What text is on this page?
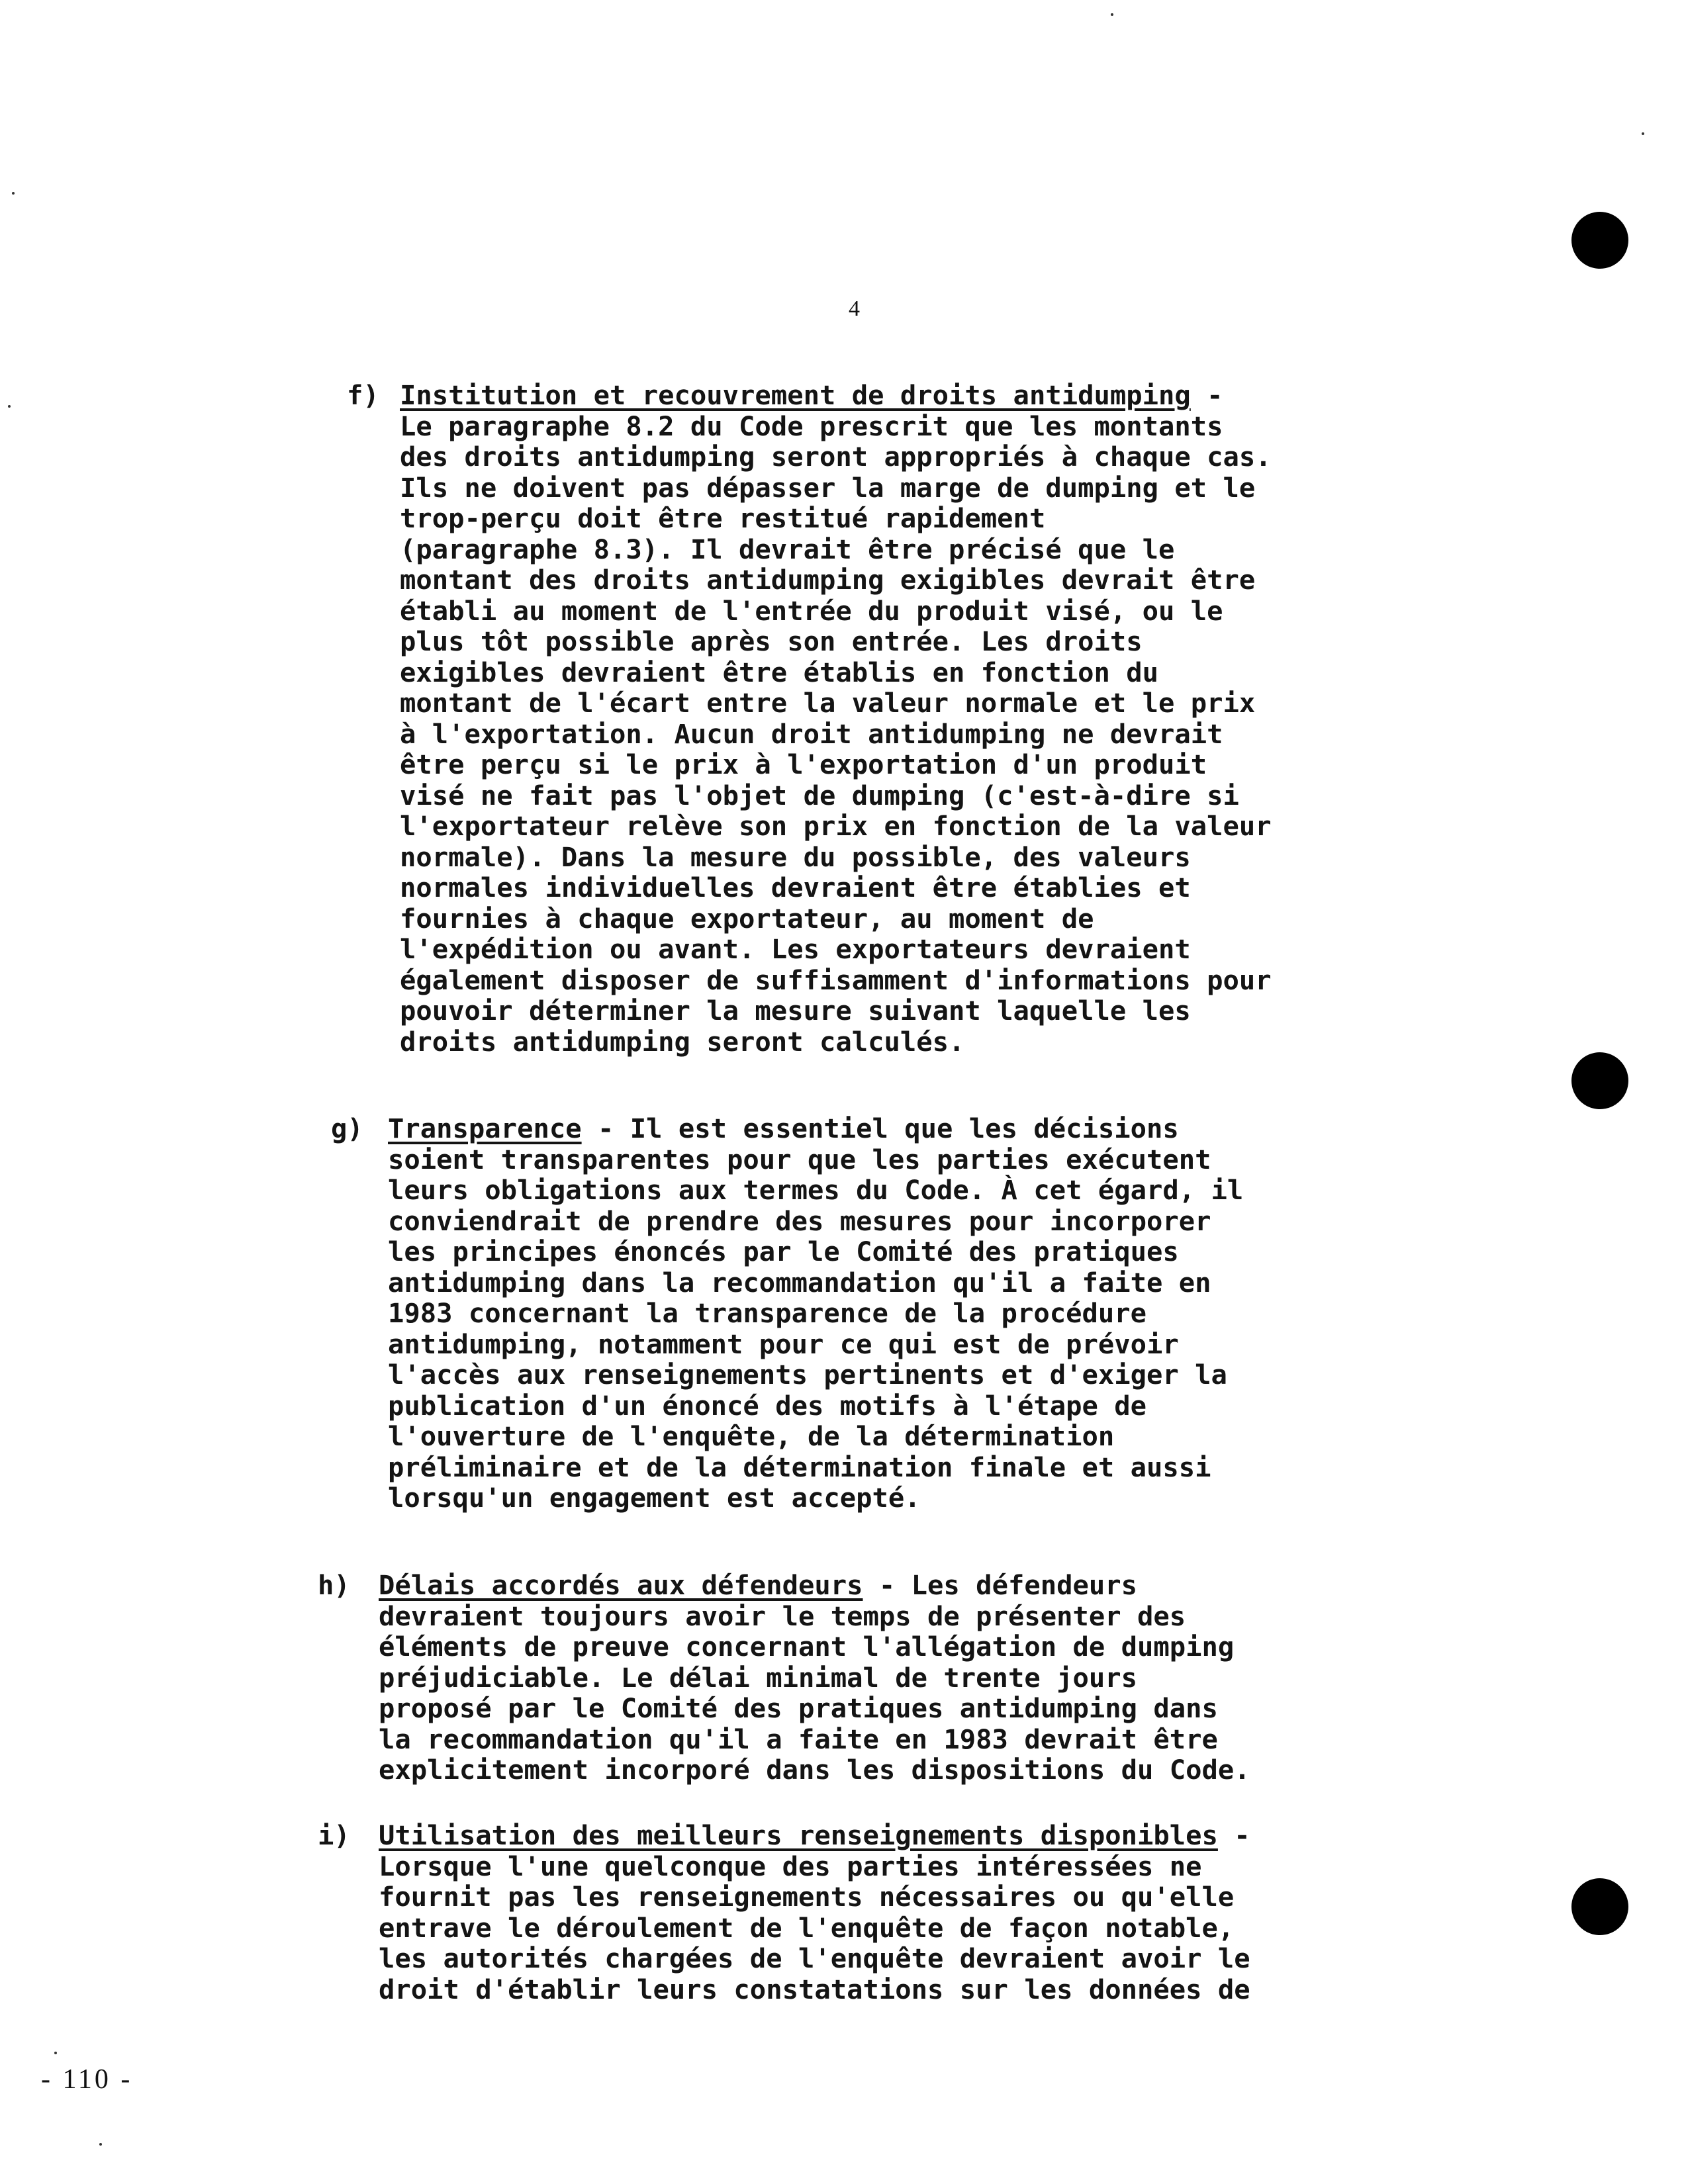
4
f) Institution et recouvrement de droits antidumping -
Le paragraphe 8.2 du Code prescrit que les montants
des droits antidumping seront appropriés à chaque cas.
Ils ne doivent pas dépasser la marge de dumping et le
trop-perçu doit être restitué rapidement
(paragraphe 8.3). Il devrait être précisé que le
montant des droits antidumping exigibles devrait être
établi au moment de l'entrée du produit visé, ou le
plus tôt possible après son entrée. Les droits
exigibles devraient être établis en fonction du
montant de l'écart entre la valeur normale et le prix
à l'exportation. Aucun droit antidumping ne devrait
être perçu si le prix à l'exportation d'un produit
visé ne fait pas l'objet de dumping (c'est-à-dire si
l'exportateur relève son prix en fonction de la valeur
normale). Dans la mesure du possible, des valeurs
normales individuelles devraient être établies et
fournies à chaque exportateur, au moment de
l'expédition ou avant. Les exportateurs devraient
également disposer de suffisamment d'informations pour
pouvoir déterminer la mesure suivant laquelle les
droits antidumping seront calculés.
g) Transparence - Il est essentiel que les décisions
soient transparentes pour que les parties exécutent
leurs obligations aux termes du Code. À cet égard, il
conviendrait de prendre des mesures pour incorporer
les principes énoncés par le Comité des pratiques
antidumping dans la recommandation qu'il a faite en
1983 concernant la transparence de la procédure
antidumping, notamment pour ce qui est de prévoir
l'accès aux renseignements pertinents et d'exiger la
publication d'un énoncé des motifs à l'étape de
l'ouverture de l'enquête, de la détermination
préliminaire et de la détermination finale et aussi
lorsqu'un engagement est accepté.
h) Délais accordés aux défendeurs - Les défendeurs
devraient toujours avoir le temps de présenter des
éléments de preuve concernant l'allégation de dumping
préjudiciable. Le délai minimal de trente jours
proposé par le Comité des pratiques antidumping dans
la recommandation qu'il a faite en 1983 devrait être
explicitement incorporé dans les dispositions du Code.
i) Utilisation des meilleurs renseignements disponibles -
Lorsque l'une quelconque des parties intéressées ne
fournit pas les renseignements nécessaires ou qu'elle
entrave le déroulement de l'enquête de façon notable,
les autorités chargées de l'enquête devraient avoir le
droit d'établir leurs constatations sur les données de
- 110 -
